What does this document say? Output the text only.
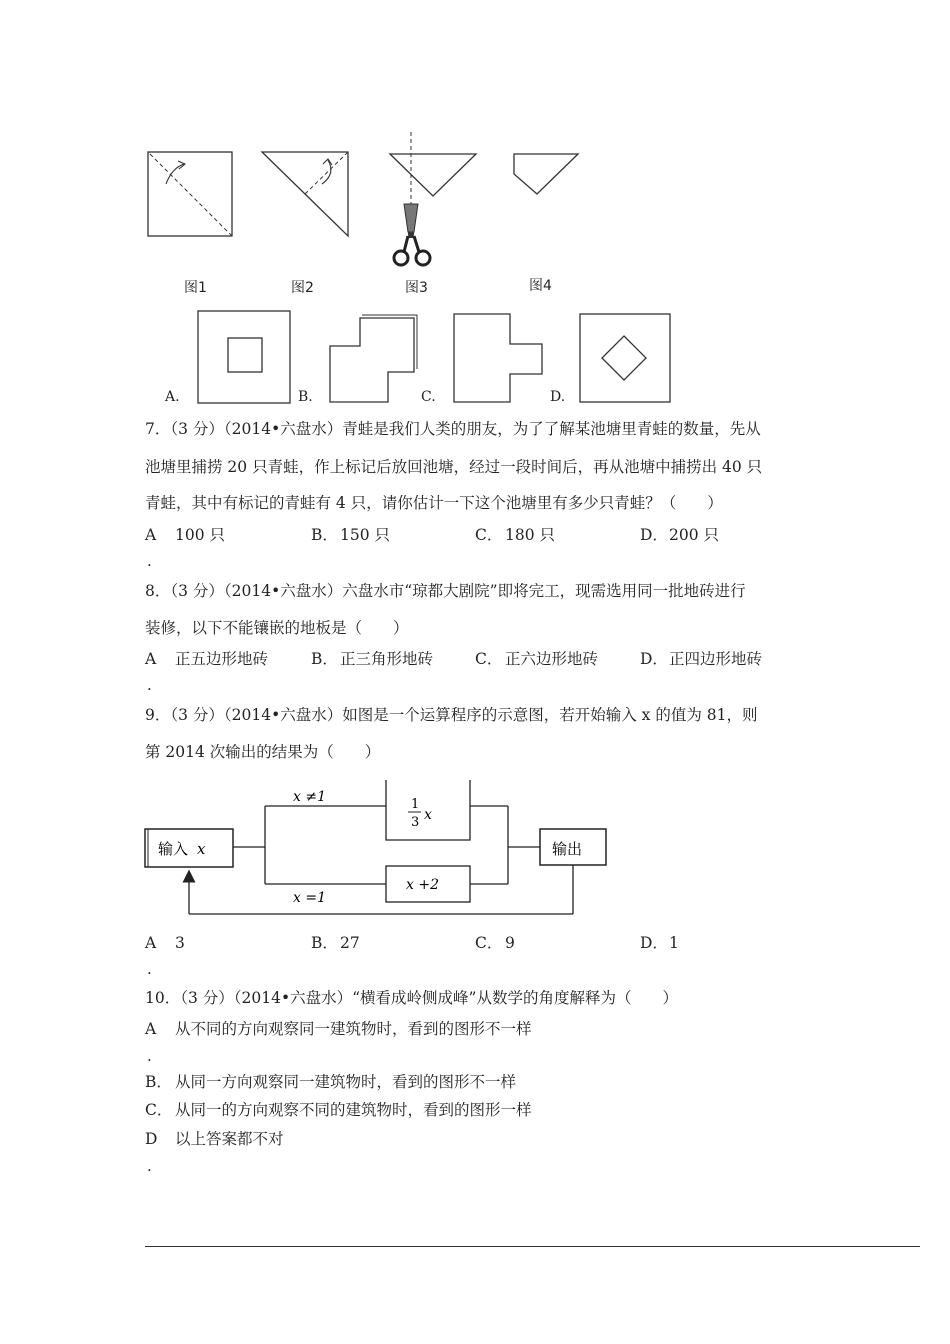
图1	图2	图3	图4
A.	B.	C.	D.
7．（3 分）（2014•六盘水）青蛙是我们人类的朋友，为了了解某池塘里青蛙的数量，先从
池塘里捕捞 20 只青蛙，作上标记后放回池塘，经过一段时间后，再从池塘中捕捞出 40 只
青蛙，其中有标记的青蛙有 4 只，请你估计一下这个池塘里有多少只青蛙？（　　）
A 100 只	B． 150 只	C． 180 只	D． 200 只
.
8．（3 分）（2014•六盘水）六盘水市“琼都大剧院”即将完工，现需选用同一批地砖进行
装修，以下不能镶嵌的地板是（　　）
A 正五边形地砖	B． 正三角形地砖	C． 正六边形地砖	D． 正四边形地砖
.
9．（3 分）（2014•六盘水）如图是一个运算程序的示意图，若开始输入 x 的值为 81，则
第 2014 次输出的结果为（　　）
输入 x	输出
x ≠1	1
3 x
x =1
x +2
A 3	B． 27	C． 9	D． 1
.
10．（3 分）（2014•六盘水）“横看成岭侧成峰”从数学的角度解释为（　　）
A 从不同的方向观察同一建筑物时，看到的图形不一样
.
B． 从同一方向观察同一建筑物时，看到的图形不一样
C． 从同一的方向观察不同的建筑物时，看到的图形一样
D 以上答案都不对
.
